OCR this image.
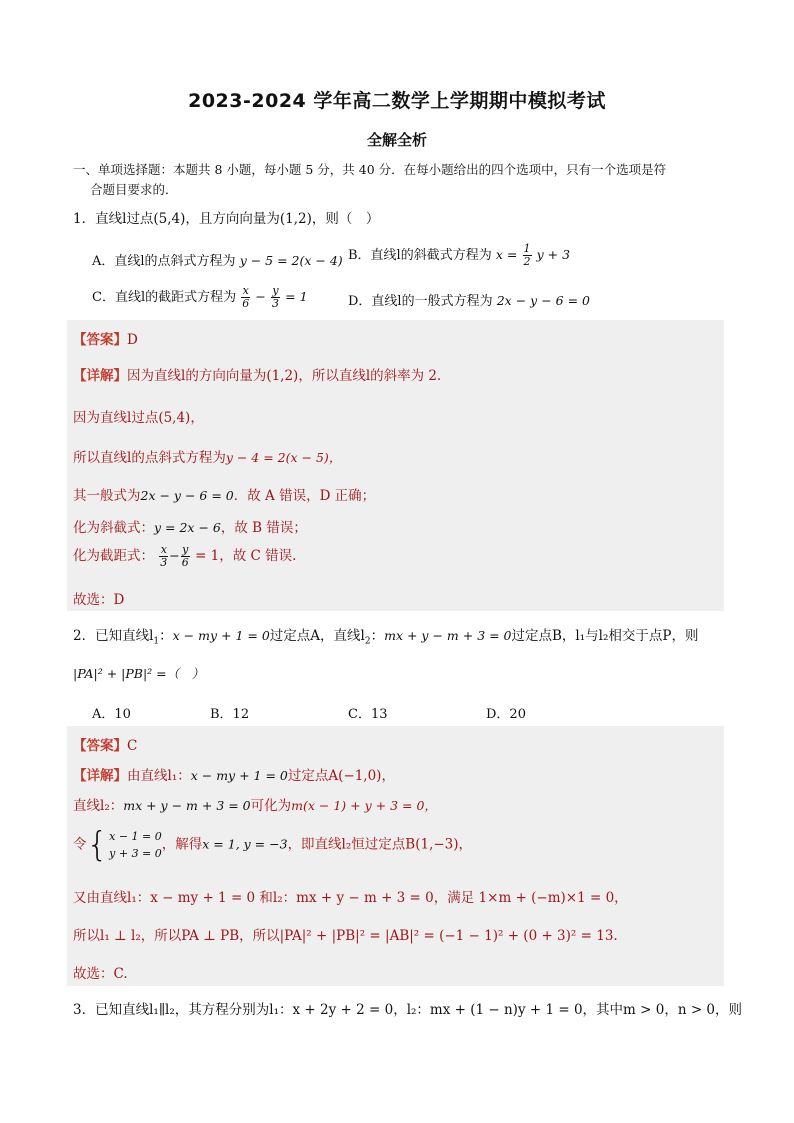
2023-2024 学年高二数学上学期期中模拟考试
全解全析
一、单项选择题：本题共 8 小题，每小题 5 分，共 40 分．在每小题给出的四个选项中，只有一个选项是符
合题目要求的．
1．直线l过点(5,4)，且方向向量为(1,2)，则（　）
A．直线l的点斜式方程为 y − 5 = 2(x − 4) B．直线l的斜截式方程为 $x = \frac{1}{2}$ y + 3
C．直线l的截距式方程为 $\frac{x}{6} - \frac{y}{3} = 1$	D．直线l的一般式方程为 2x − y − 6 = 0
【答案】D
【详解】因为直线l的方向向量为(1,2)，所以直线l的斜率为 2．
因为直线l过点(5,4)，
所以直线l的点斜式方程为y − 4 = 2(x − 5)，
其一般式为2x − y − 6 = 0．故 A 错误，D 正确；
化为斜截式：y = 2x − 6，故 B 错误；
化为截距式： $\frac{x}{3} - \frac{y}{6} = 1$，故 C 错误.
故选：D
2．已知直线$l_1$：x − my + 1 = 0过定点A，直线$l_2$：mx + y − m + 3 = 0过定点B，l₁与l₂相交于点P，则
|PA|² + |PB|² =（　）
A．10	B．12	C．13	D．20
【答案】C
【详解】由直线l₁：x − my + 1 = 0过定点A(−1,0)，
直线l₂：mx + y − m + 3 = 0可化为m(x − 1) + y + 3 = 0，
令{ x − 1 = 0
y + 3 = 0
，解得x = 1, y = −3，即直线l₂恒过定点B(1,−3)，
又由直线l₁：x − my + 1 = 0 和l₂：mx + y − m + 3 = 0，满足 1×m + (−m)×1 = 0，
所以l₁ ⊥ l₂，所以PA ⊥ PB，所以|PA|² + |PB|² = |AB|² = (−1 − 1)² + (0 + 3)² = 13.
故选：C.
3．已知直线l₁∥l₂，其方程分别为l₁：x + 2y + 2 = 0，l₂：mx + (1 − n)y + 1 = 0，其中m > 0，n > 0，则
